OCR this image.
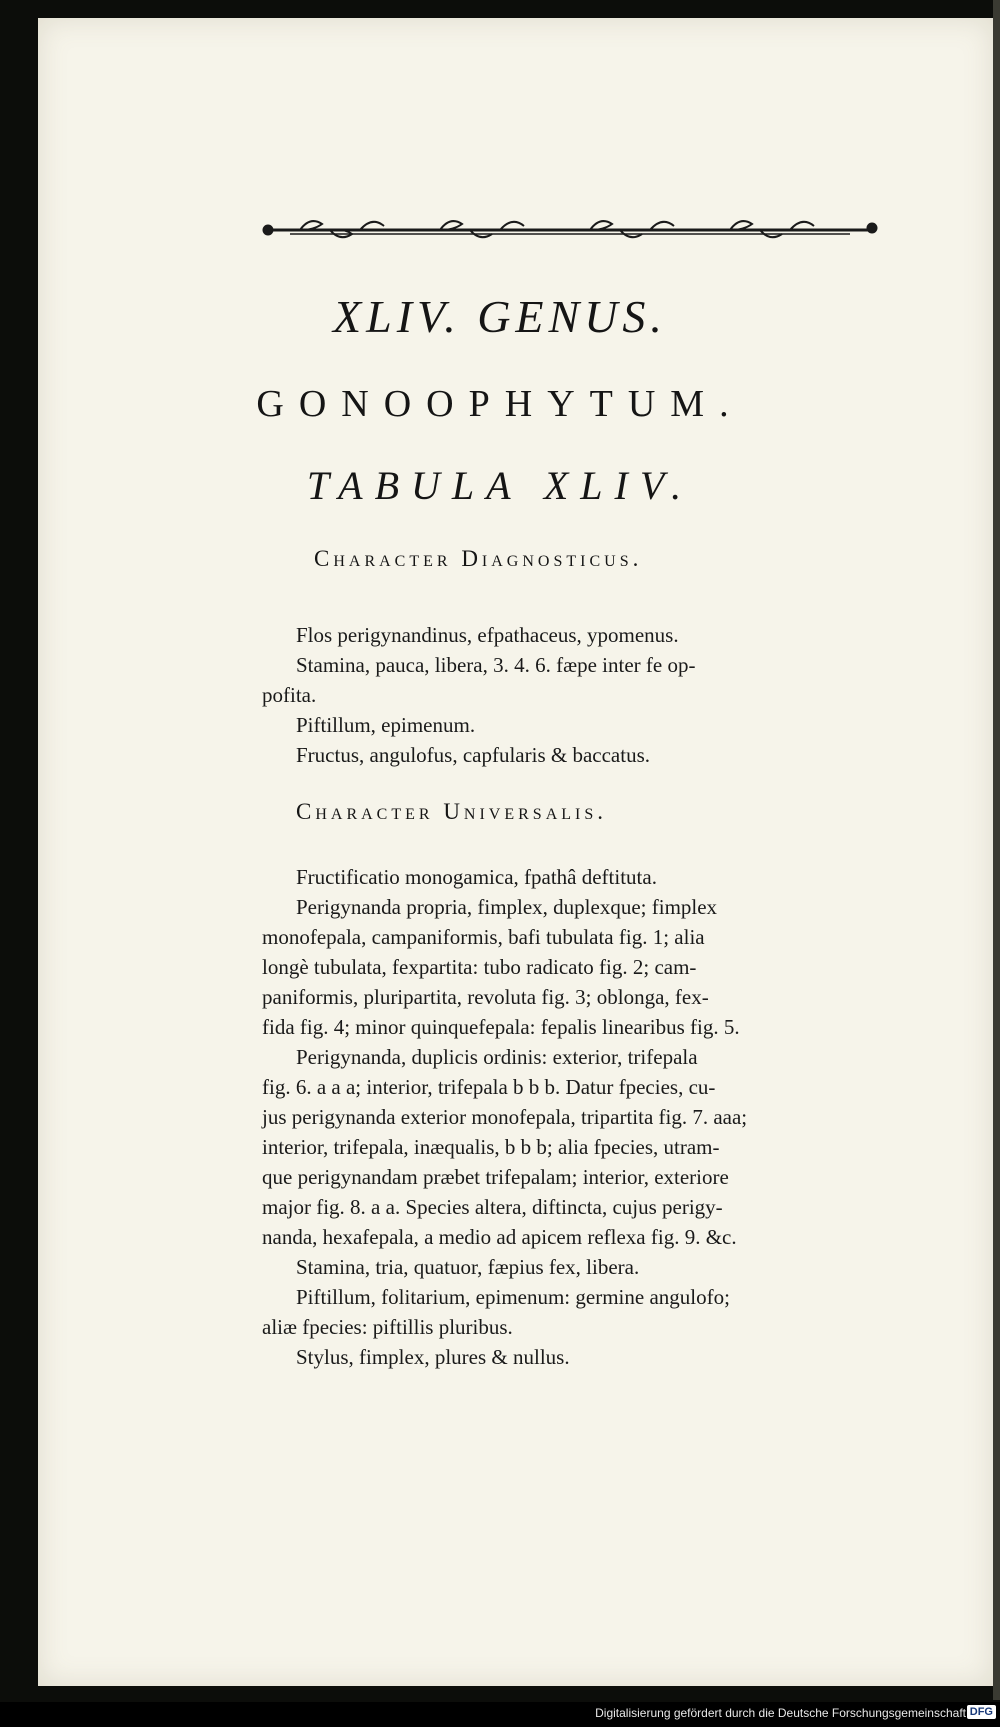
XLIV. GENUS.
GONOOPHYTUM.
TABULA XLIV.
Character Diagnosticus.
Flos perigynandinus, efpathaceus, ypomenus.
Stamina, pauca, libera, 3. 4. 6. fæpe inter fe op-
pofita.
Piftillum, epimenum.
Fructus, angulofus, capfularis & baccatus.
Character Universalis.
Fructificatio monogamica, fpathâ deftituta.
Perigynanda propria, fimplex, duplexque; fimplex
monofepala, campaniformis, bafi tubulata fig. 1; alia
longè tubulata, fexpartita: tubo radicato fig. 2; cam-
paniformis, pluripartita, revoluta fig. 3; oblonga, fex-
fida fig. 4; minor quinquefepala: fepalis linearibus fig. 5.
Perigynanda, duplicis ordinis: exterior, trifepala
fig. 6. a a a; interior, trifepala b b b. Datur fpecies, cu-
jus perigynanda exterior monofepala, tripartita fig. 7. aaa;
interior, trifepala, inæqualis, b b b; alia fpecies, utram-
que perigynandam præbet trifepalam; interior, exteriore
major fig. 8. a a. Species altera, diftincta, cujus perigy-
nanda, hexafepala, a medio ad apicem reflexa fig. 9. &c.
Stamina, tria, quatuor, fæpius fex, libera.
Piftillum, folitarium, epimenum: germine angulofo;
aliæ fpecies: piftillis pluribus.
Stylus, fimplex, plures & nullus.
Digitalisierung gefördert durch die Deutsche Forschungsgemeinschaft DFG
